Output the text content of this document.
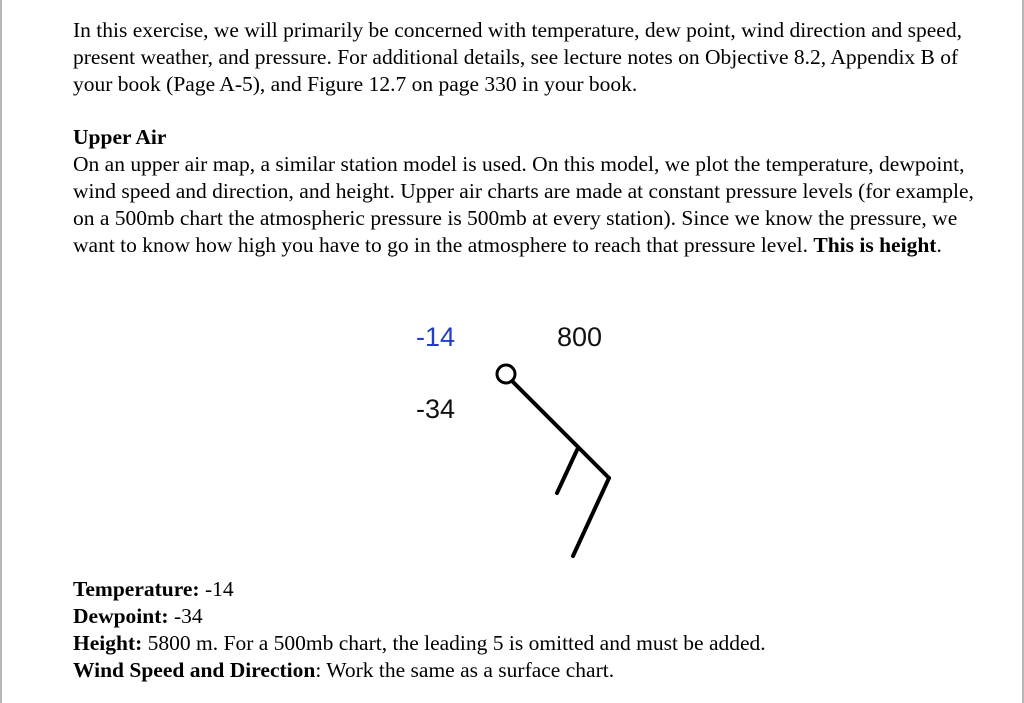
In this exercise, we will primarily be concerned with temperature, dew point, wind direction and speed, present weather, and pressure. For additional details, see lecture notes on Objective 8.2, Appendix B of your book (Page A-5), and Figure 12.7 on page 330 in your book.

Upper Air

On an upper air map, a similar station model is used. On this model, we plot the temperature, dewpoint, wind speed and direction, and height. Upper air charts are made at constant pressure levels (for example, on a 500mb chart the atmospheric pressure is 500mb at every station). Since we know the pressure, we want to know how high you have to go in the atmosphere to reach that pressure level. This is height.

-14	800
-34

Temperature: -14

Dewpoint: -34

Height: 5800 m. For a 500mb chart, the leading 5 is omitted and must be added.

Wind Speed and Direction: Work the same as a surface chart.
